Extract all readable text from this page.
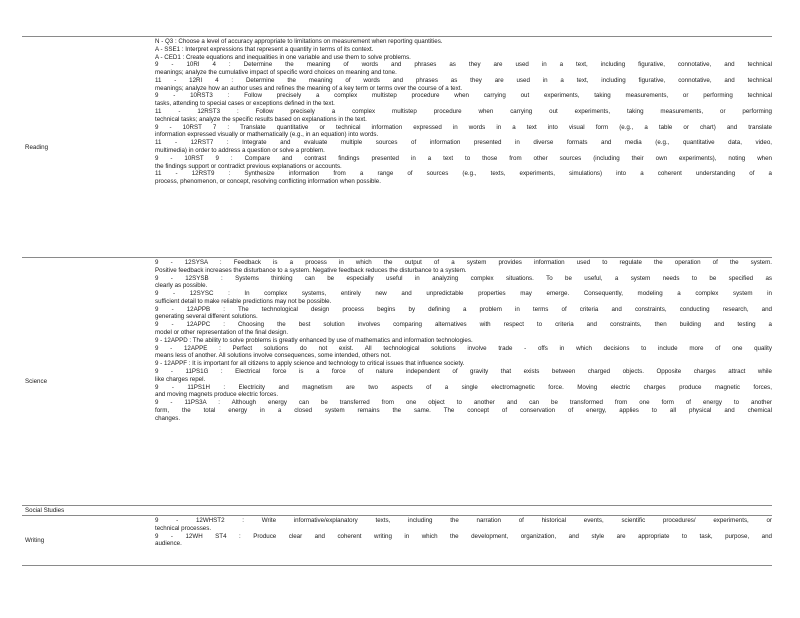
Reading
N - Q3 : Choose a level of accuracy appropriate to limitations on measurement when reporting quantities.
A - SSE1 : Interpret expressions that represent a quantity in terms of its context.
A - CED1 : Create equations and inequalities in one variable and use them to solve problems.
9 - 10RI 4 : Determine the meaning of words and phrases as they are used in a text, including figurative, connotative, and technical
meanings; analyze the cumulative impact of specific word choices on meaning and tone.
11 - 12RI 4 : Determine the meaning of words and phrases as they are used in a text, including figurative, connotative, and technical
meanings; analyze how an author uses and refines the meaning of a key term or terms over the course of a text.
9 - 10RST3 : Follow precisely a complex multistep procedure when carrying out experiments, taking measurements, or performing technical
tasks, attending to special cases or exceptions defined in the text.
11 - 12RST3 : Follow precisely a complex multistep procedure when carrying out experiments, taking measurements, or performing
technical tasks; analyze the specific results based on explanations in the text.
9 - 10RST 7 : Translate quantitative or technical information expressed in words in a text into visual form (e.g., a table or chart) and translate
information expressed visually or mathematically (e.g., in an equation) into words.
11 - 12RST7 : Integrate and evaluate multiple sources of information presented in diverse formats and media (e.g., quantitative data, video,
multimedia) in order to address a question or solve a problem.
9 - 10RST 9 : Compare and contrast findings presented in a text to those from other sources (including their own experiments), noting when
the findings support or contradict previous explanations or accounts.
11 - 12RST9 : Synthesize information from a range of sources (e.g., texts, experiments, simulations) into a coherent understanding of a
process, phenomenon, or concept, resolving conflicting information when possible.
Science
9 - 12SYSA : Feedback is a process in which the output of a system provides information used to regulate the operation of the system.
Positive feedback increases the disturbance to a system. Negative feedback reduces the disturbance to a system.
9 - 12SYSB : Systems thinking can be especially useful in analyzing complex situations. To be useful, a system needs to be specified as
clearly as possible.
9 - 12SYSC : In complex systems, entirely new and unpredictable properties may emerge. Consequently, modeling a complex system in
sufficient detail to make reliable predictions may not be possible.
9 - 12APPB : The technological design process begins by defining a problem in terms of criteria and constraints, conducting research, and
generating several different solutions.
9 - 12APPC : Choosing the best solution involves comparing alternatives with respect to criteria and constraints, then building and testing a
model or other representation of the final design.
9 - 12APPD : The ability to solve problems is greatly enhanced by use of mathematics and information technologies.
9 - 12APPE : Perfect solutions do not exist. All technological solutions involve trade - offs in which decisions to include more of one quality
means less of another. All solutions involve consequences, some intended, others not.
9 - 12APPF : It is important for all citizens to apply science and technology to critical issues that influence society.
9 - 11PS1G : Electrical force is a force of nature independent of gravity that exists between charged objects. Opposite charges attract while
like charges repel.
9 - 11PS1H : Electricity and magnetism are two aspects of a single electromagnetic force. Moving electric charges produce magnetic forces,
and moving magnets produce electric forces.
9 - 11PS3A : Although energy can be transferred from one object to another and can be transformed from one form of energy to another
form, the total energy in a closed system remains the same. The concept of conservation of energy, applies to all physical and chemical
changes.
Social Studies
Writing
9 - 12WHST2 : Write informative/explanatory texts, including the narration of historical events, scientific procedures/ experiments, or
technical processes.
9 - 12WH ST4 : Produce clear and coherent writing in which the development, organization, and style are appropriate to task, purpose, and
audience.
